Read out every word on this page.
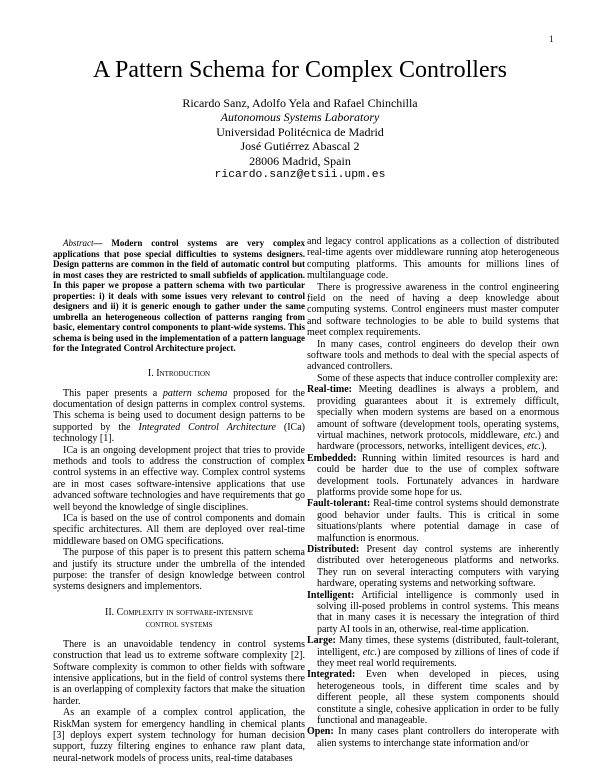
1
A Pattern Schema for Complex Controllers
Ricardo Sanz, Adolfo Yela and Rafael Chinchilla
Autonomous Systems Laboratory
Universidad Politécnica de Madrid
José Gutiérrez Abascal 2
28006 Madrid, Spain
ricardo.sanz@etsii.upm.es

Abstract— Modern control systems are very complex applications that pose special difficulties to systems designers. Design patterns are common in the field of automatic control but in most cases they are restricted to small subfields of application. In this paper we propose a pattern schema with two particular properties: i) it deals with some issues very relevant to control designers and ii) it is generic enough to gather under the same umbrella an heterogeneous collection of patterns ranging from basic, elementary control components to plant-wide systems. This schema is being used in the implementation of a pattern language for the Integrated Control Architecture project.

I. Introduction

This paper presents a pattern schema proposed for the documentation of design patterns in complex control systems. This schema is being used to document design patterns to be supported by the Integrated Control Architecture (ICa) technology [1].

ICa is an ongoing development project that tries to provide methods and tools to address the construction of complex control systems in an effective way. Complex control systems are in most cases software-intensive applications that use advanced software technologies and have requirements that go well beyond the knowledge of single disciplines.

ICa is based on the use of control components and domain specific architectures. All them are deployed over real-time middleware based on OMG specifications.

The purpose of this paper is to present this pattern schema and justify its structure under the umbrella of the intended purpose: the transfer of design knowledge between control systems designers and implementors.

II. Complexity in software-intensive
control systems

There is an unavoidable tendency in control systems construction that lead us to extreme software complexity [2]. Software complexity is common to other fields with software intensive applications, but in the field of control systems there is an overlapping of complexity factors that make the situation harder.

As an example of a complex control application, the RiskMan system for emergency handling in chemical plants [3] deploys expert system technology for human decision support, fuzzy filtering engines to enhance raw plant data, neural-network models of process units, real-time databases

and legacy control applications as a collection of distributed real-time agents over middleware running atop heterogeneous computing platforms. This amounts for millions lines of multilanguage code.

There is progressive awareness in the control engineering field on the need of having a deep knowledge about computing systems. Control engineers must master computer and software technologies to be able to build systems that meet complex requirements.

In many cases, control engineers do develop their own software tools and methods to deal with the special aspects of advanced controllers.

Some of these aspects that induce controller complexity are:

Real-time: Meeting deadlines is always a problem, and providing guarantees about it is extremely difficult, specially when modern systems are based on a enormous amount of software (development tools, operating systems, virtual machines, network protocols, middleware, etc.) and hardware (processors, networks, intelligent devices, etc.).

Embedded: Running within limited resources is hard and could be harder due to the use of complex software development tools. Fortunately advances in hardware platforms provide some hope for us.

Fault-tolerant: Real-time control systems should demonstrate good behavior under faults. This is critical in some situations/plants where potential damage in case of malfunction is enormous.

Distributed: Present day control systems are inherently distributed over heterogeneous platforms and networks. They run on several interacting computers with varying hardware, operating systems and networking software.

Intelligent: Artificial intelligence is commonly used in solving ill-posed problems in control systems. This means that in many cases it is necessary the integration of third party AI tools in an, otherwise, real-time application.

Large: Many times, these systems (distributed, fault-tolerant, intelligent, etc.) are composed by zillions of lines of code if they meet real world requirements.

Integrated: Even when developed in pieces, using heterogeneous tools, in different time scales and by different people, all these system components should constitute a single, cohesive application in order to be fully functional and manageable.

Open: In many cases plant controllers do interoperate with alien systems to interchange state information and/or
